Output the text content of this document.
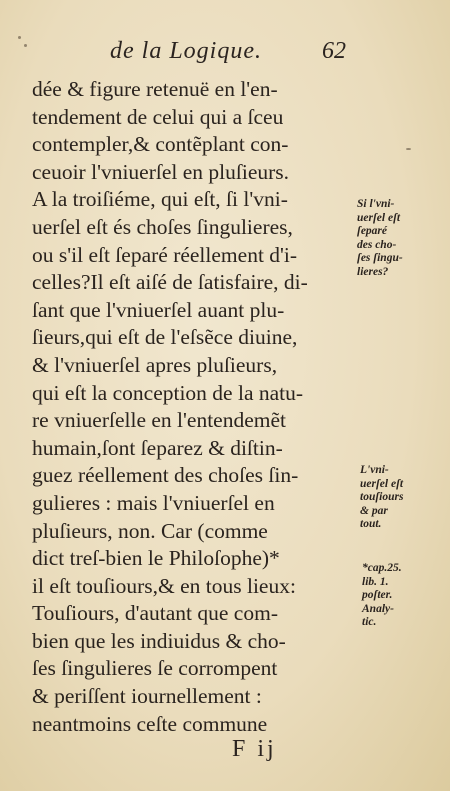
de la Logique.	62
dée & figure retenuë en l'en-
tendement de celui qui a ſceu
contempler,& contẽplant con-
ceuoir l'vniuerſel en pluſieurs.
A la troiſiéme, qui eſt, ſi l'vni-
uerſel eſt és choſes ſingulieres,
ou s'il eſt ſeparé réellement d'i-
celles?Il eſt aiſé de ſatisfaire, di-
ſant que l'vniuerſel auant plu-
ſieurs,qui eſt de l'eſsẽce diuine,
& l'vniuerſel apres pluſieurs,
qui eſt la conception de la natu-
re vniuerſelle en l'entendemẽt
humain,ſont ſeparez & diſtin-
guez réellement des choſes ſin-
gulieres : mais l'vniuerſel en
pluſieurs, non. Car (comme
dict treſ-bien le Philoſophe)*
il eſt touſiours,& en tous lieux:
Touſiours, d'autant que com-
bien que les indiuidus & cho-
ſes ſingulieres ſe corrompent
& periſſent iournellement :
neantmoins ceſte commune
Si l'vni-
uerſel eſt
ſeparé
des cho-
ſes ſingu-
lieres?
L'vni-
uerſel eſt
touſiours
& par
tout.
*cap.25.
lib. 1.
poſter.
Analy-
tic.
F ij
